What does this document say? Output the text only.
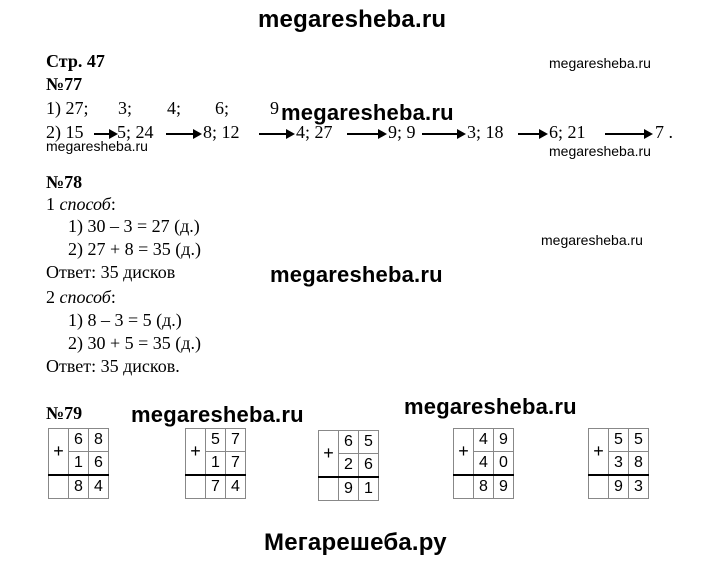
megaresheba.ru
Стр. 47	megaresheba.ru
№77
1) 27; 3; 4; 6; 9 megaresheba.ru
2) 15 5; 24	8; 12	4; 27	9; 9	3; 18	6; 21	7 .
megaresheba.ru	megaresheba.ru
№78
1 способ:
1) 30 – 3 = 27 (д.)
2) 27 + 8 = 35 (д.)	megaresheba.ru
Ответ: 35 дисков	megaresheba.ru
2 способ:
1) 8 – 3 = 5 (д.)
2) 30 + 5 = 35 (д.)
Ответ: 35 дисков.
№79 megaresheba.ru	megaresheba.ru
+	6	8
	1	6
	8	4
+	5	7
	1	7
	7	4
+	6	5
	2	6
	9	1
+	4	9
	4	0
	8	9
+	5	5
	3	8
	9	3
Мегарешеба.ру
